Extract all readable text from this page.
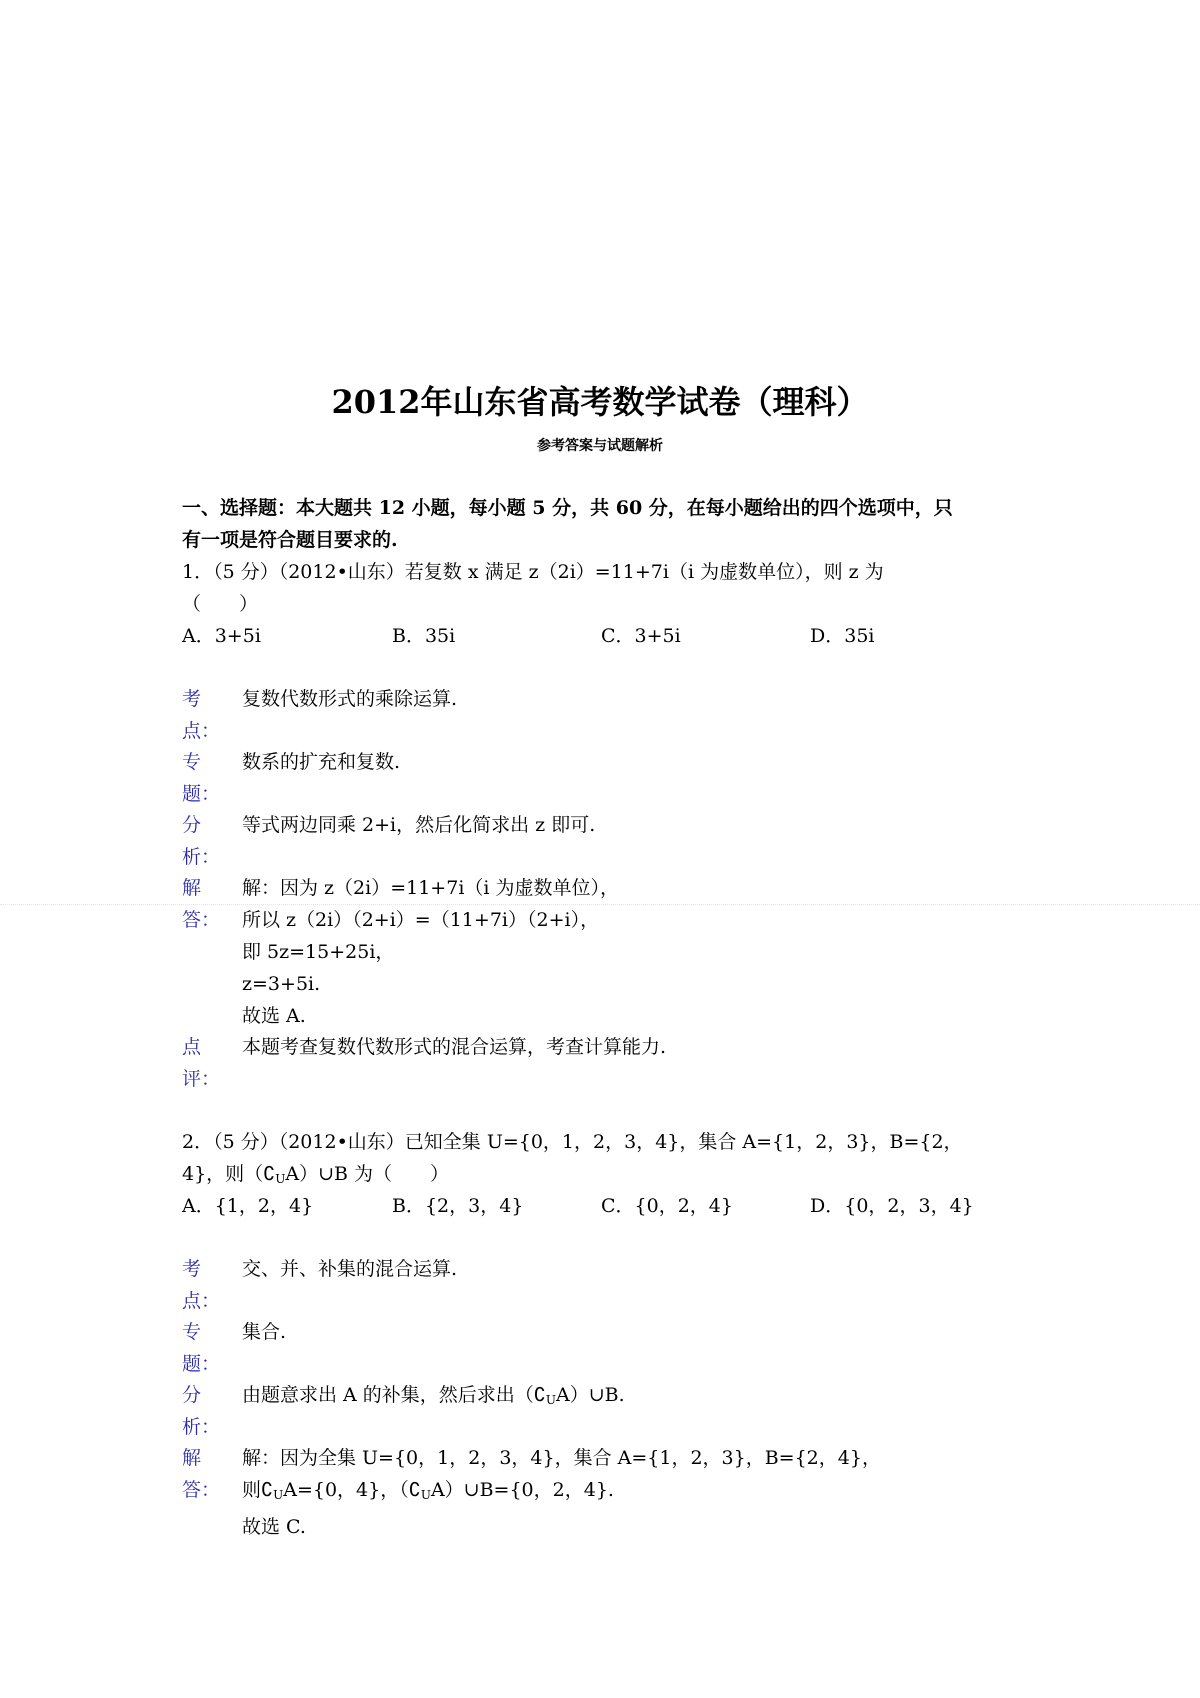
2012年山东省高考数学试卷（理科）
参考答案与试题解析
一、选择题：本大题共 12 小题，每小题 5 分，共 60 分，在每小题给出的四个选项中，只
有一项是符合题目要求的.
1．（5 分）（2012•山东）若复数 x 满足 z（2﻿﻿i）=11+7i（i 为虚数单位），则 z 为
（　　）
A．3+5i	B．3﻿5i	C．﻿3+5i	D．﻿3﻿5i
考
点：
复数代数形式的乘除运算.
专
题：
数系的扩充和复数.
分
析：
等式两边同乘 2+i，然后化简求出 z 即可.
解
答：
解：因为 z（2﻿i）=11+7i（i 为虚数单位），
所以 z（2﻿i）（2+i）=（11+7i）（2+i），
即 5z=15+25i，
z=3+5i.
故选 A.
点
评：
本题考查复数代数形式的混合运算，考查计算能力.
2．（5 分）（2012•山东）已知全集 U={0，1，2，3，4}，集合 A={1，2，3}，B={2，
4}，则$(∁_UA)\cup B$ 为（　　）
A．{1，2，4}	B．{2，3，4}	C．{0，2，4}	D．{0，2，3，4}
考
点：
交、并、补集的混合运算.
专
题：
集合.
分
析：
由题意求出 A 的补集，然后求出$(∁_UA)\cup B$.
解
答：
解：因为全集 U={0，1，2，3，4}，集合 A={1，2，3}，B={2，4}，
则$∁_UA=\{0$，4}，$(∁_UA)\cup B=\{0$，2，4}.
故选 C.
